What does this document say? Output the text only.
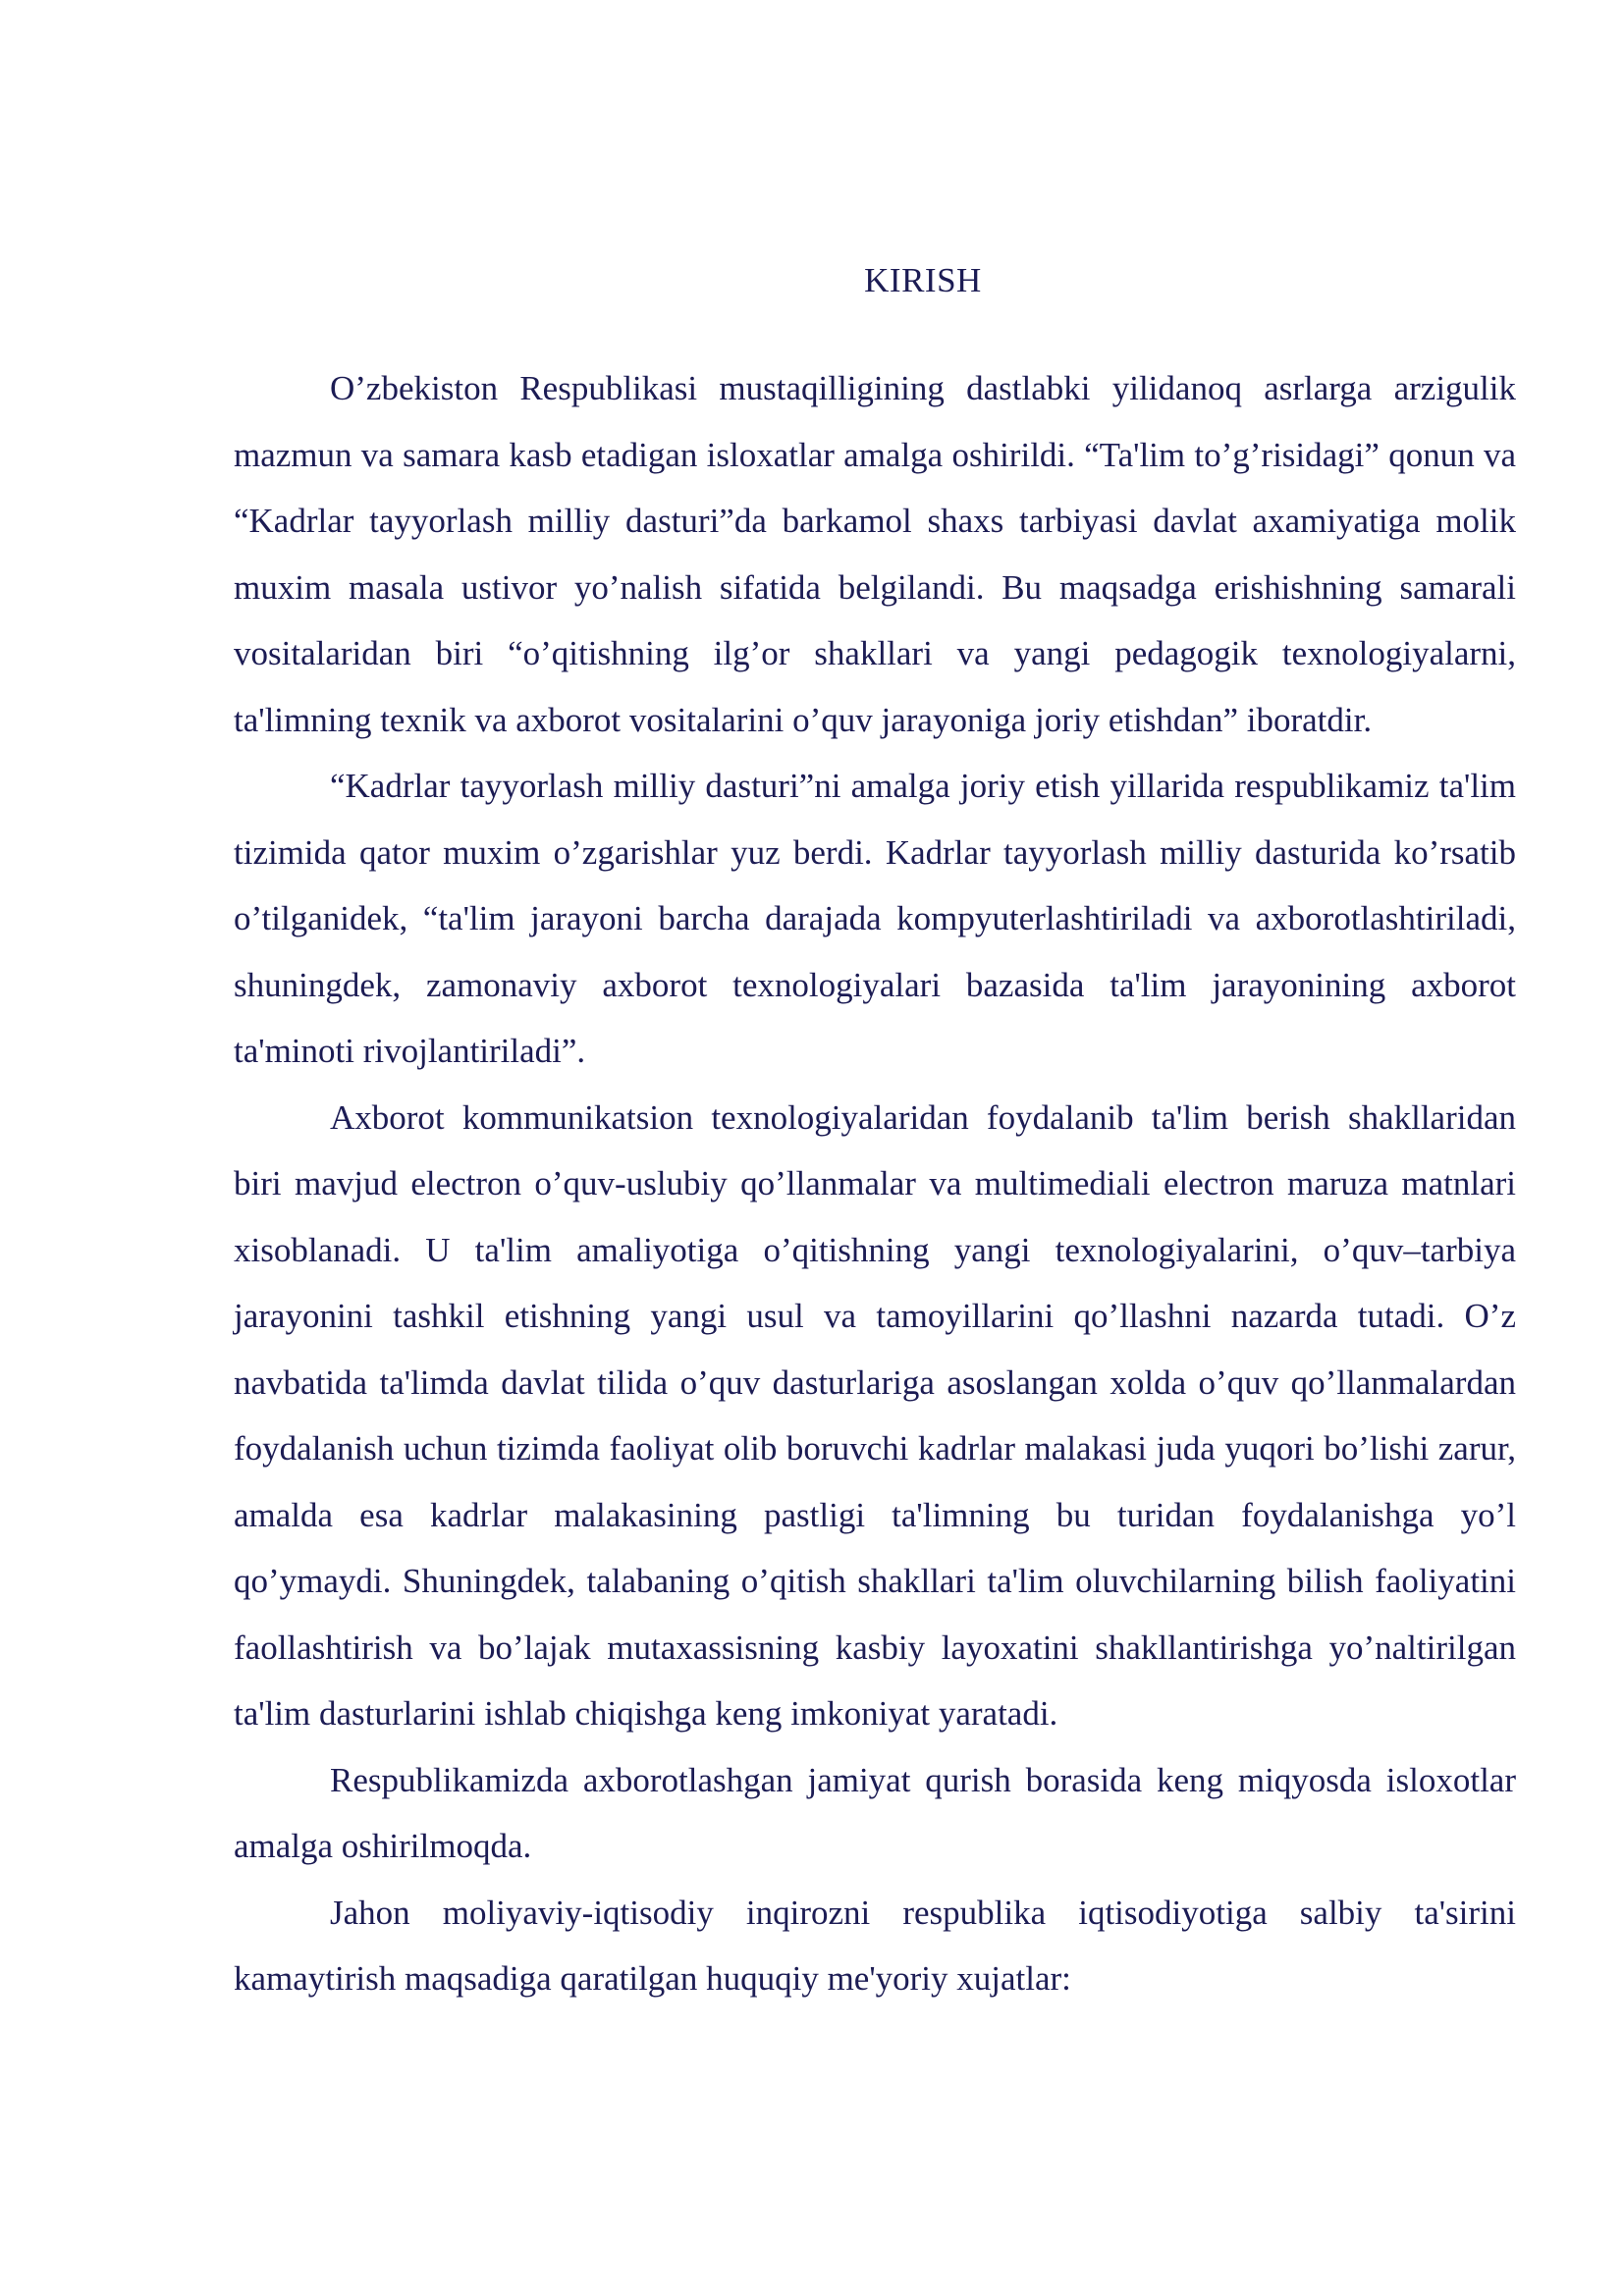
KIRISH

O’zbekiston Respublikasi mustaqilligining dastlabki yilidanoq asrlarga arzigulik mazmun va samara kasb etadigan isloxatlar amalga oshirildi. “Ta'lim to’g’risidagi” qonun va “Kadrlar tayyorlash milliy dasturi”da barkamol shaxs tarbiyasi davlat axamiyatiga molik muxim masala ustivor yo’nalish sifatida belgilandi. Bu maqsadga erishishning samarali vositalaridan biri “o’qitishning ilg’or shakllari va yangi pedagogik texnologiyalarni, ta'limning texnik va axborot vositalarini o’quv jarayoniga joriy etishdan” iboratdir.

“Kadrlar tayyorlash milliy dasturi”ni amalga joriy etish yillarida respublikamiz ta'lim tizimida qator muxim o’zgarishlar yuz berdi. Kadrlar tayyorlash milliy dasturida ko’rsatib o’tilganidek, “ta'lim jarayoni barcha darajada kompyuterlashtiriladi va axborotlashtiriladi, shuningdek, zamonaviy axborot texnologiyalari bazasida ta'lim jarayonining axborot ta'minoti rivojlantiriladi”.

Axborot kommunikatsion texnologiyalaridan foydalanib ta'lim berish shakllaridan biri mavjud electron o’quv-uslubiy qo’llanmalar va multimediali electron maruza matnlari xisoblanadi. U ta'lim amaliyotiga o’qitishning yangi texnologiyalarini, o’quv–tarbiya jarayonini tashkil etishning yangi usul va tamoyillarini qo’llashni nazarda tutadi. O’z navbatida ta'limda davlat tilida o’quv dasturlariga asoslangan xolda o’quv qo’llanmalardan foydalanish uchun tizimda faoliyat olib boruvchi kadrlar malakasi juda yuqori bo’lishi zarur, amalda esa kadrlar malakasining pastligi ta'limning bu turidan foydalanishga yo’l qo’ymaydi. Shuningdek, talabaning o’qitish shakllari ta'lim oluvchilarning bilish faoliyatini faollashtirish va bo’lajak mutaxassisning kasbiy layoxatini shakllantirishga yo’naltirilgan ta'lim dasturlarini ishlab chiqishga keng imkoniyat yaratadi.

Respublikamizda axborotlashgan jamiyat qurish borasida keng miqyosda isloxotlar amalga oshirilmoqda.

Jahon moliyaviy-iqtisodiy inqirozni respublika iqtisodiyotiga salbiy ta'sirini kamaytirish maqsadiga qaratilgan huquqiy me'yoriy xujatlar:
